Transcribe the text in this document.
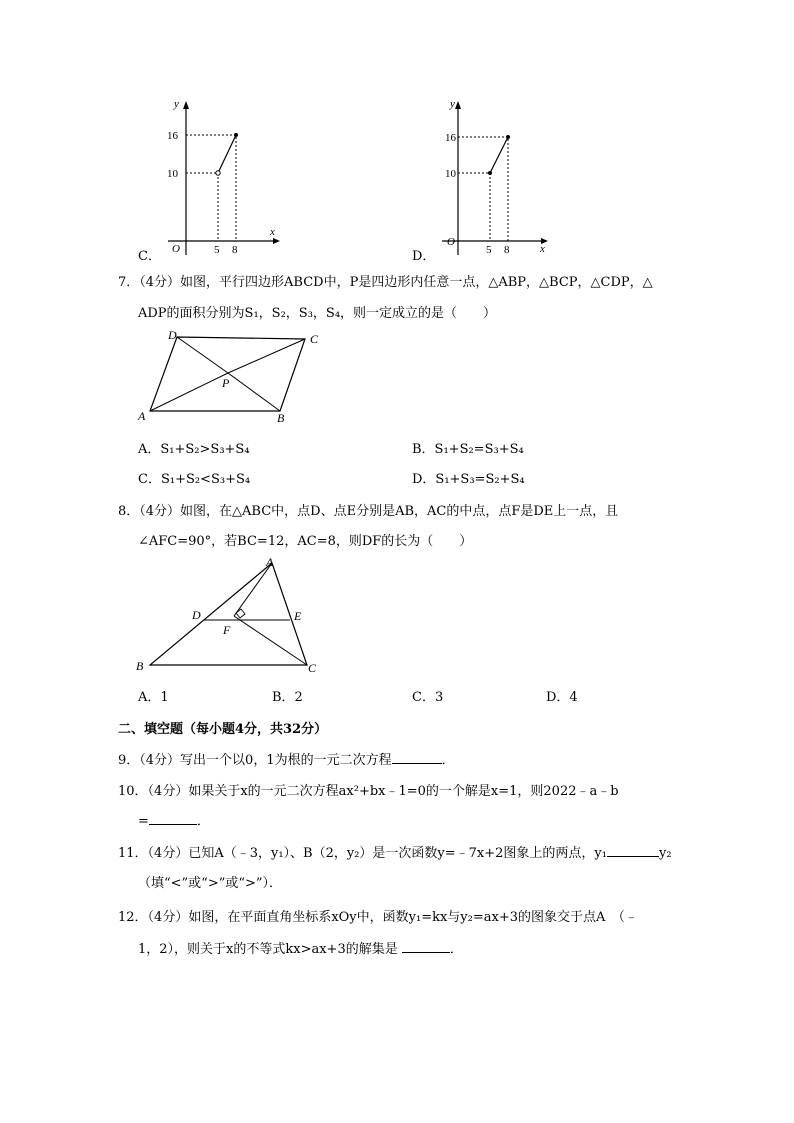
y
x
O
16
10
5 8
C．
y
x
O
16
10
5 8
D．
7．（4分）如图，平行四边形ABCD中，P是四边形内任意一点，△ABP，△BCP，△CDP，△
ADP的面积分别为S₁，S₂，S₃，S₄，则一定成立的是（　　）
D	C
A	B
P
A．S₁+S₂>S₃+S₄	B．S₁+S₂=S₃+S₄
C．S₁+S₂<S₃+S₄	D．S₁+S₃=S₂+S₄
8．（4分）如图，在△ABC中，点D、点E分别是AB，AC的中点，点F是DE上一点，且
∠AFC=90°，若BC=12，AC=8，则DF的长为（　　）
A
B	C
D	E
F
A．1	B．2	C．3	D．4
二、填空题（每小题4分，共32分）
9．（4分）写出一个以0，1为根的一元二次方程	．
10．（4分）如果关于x的一元二次方程ax²+bx﹣1=0的一个解是x=1，则2022﹣a﹣b
=	．
11．（4分）已知A（﹣3，y₁）、B（2，y₂）是一次函数y=﹣7x+2图象上的两点，y₁	y₂
（填“<”或“>”或“>”）．
12．（4分）如图，在平面直角坐标系xOy中，函数y₁=kx与y₂=ax+3的图象交于点A　（﹣
1，2），则关于x的不等式kx>ax+3的解集是	．
